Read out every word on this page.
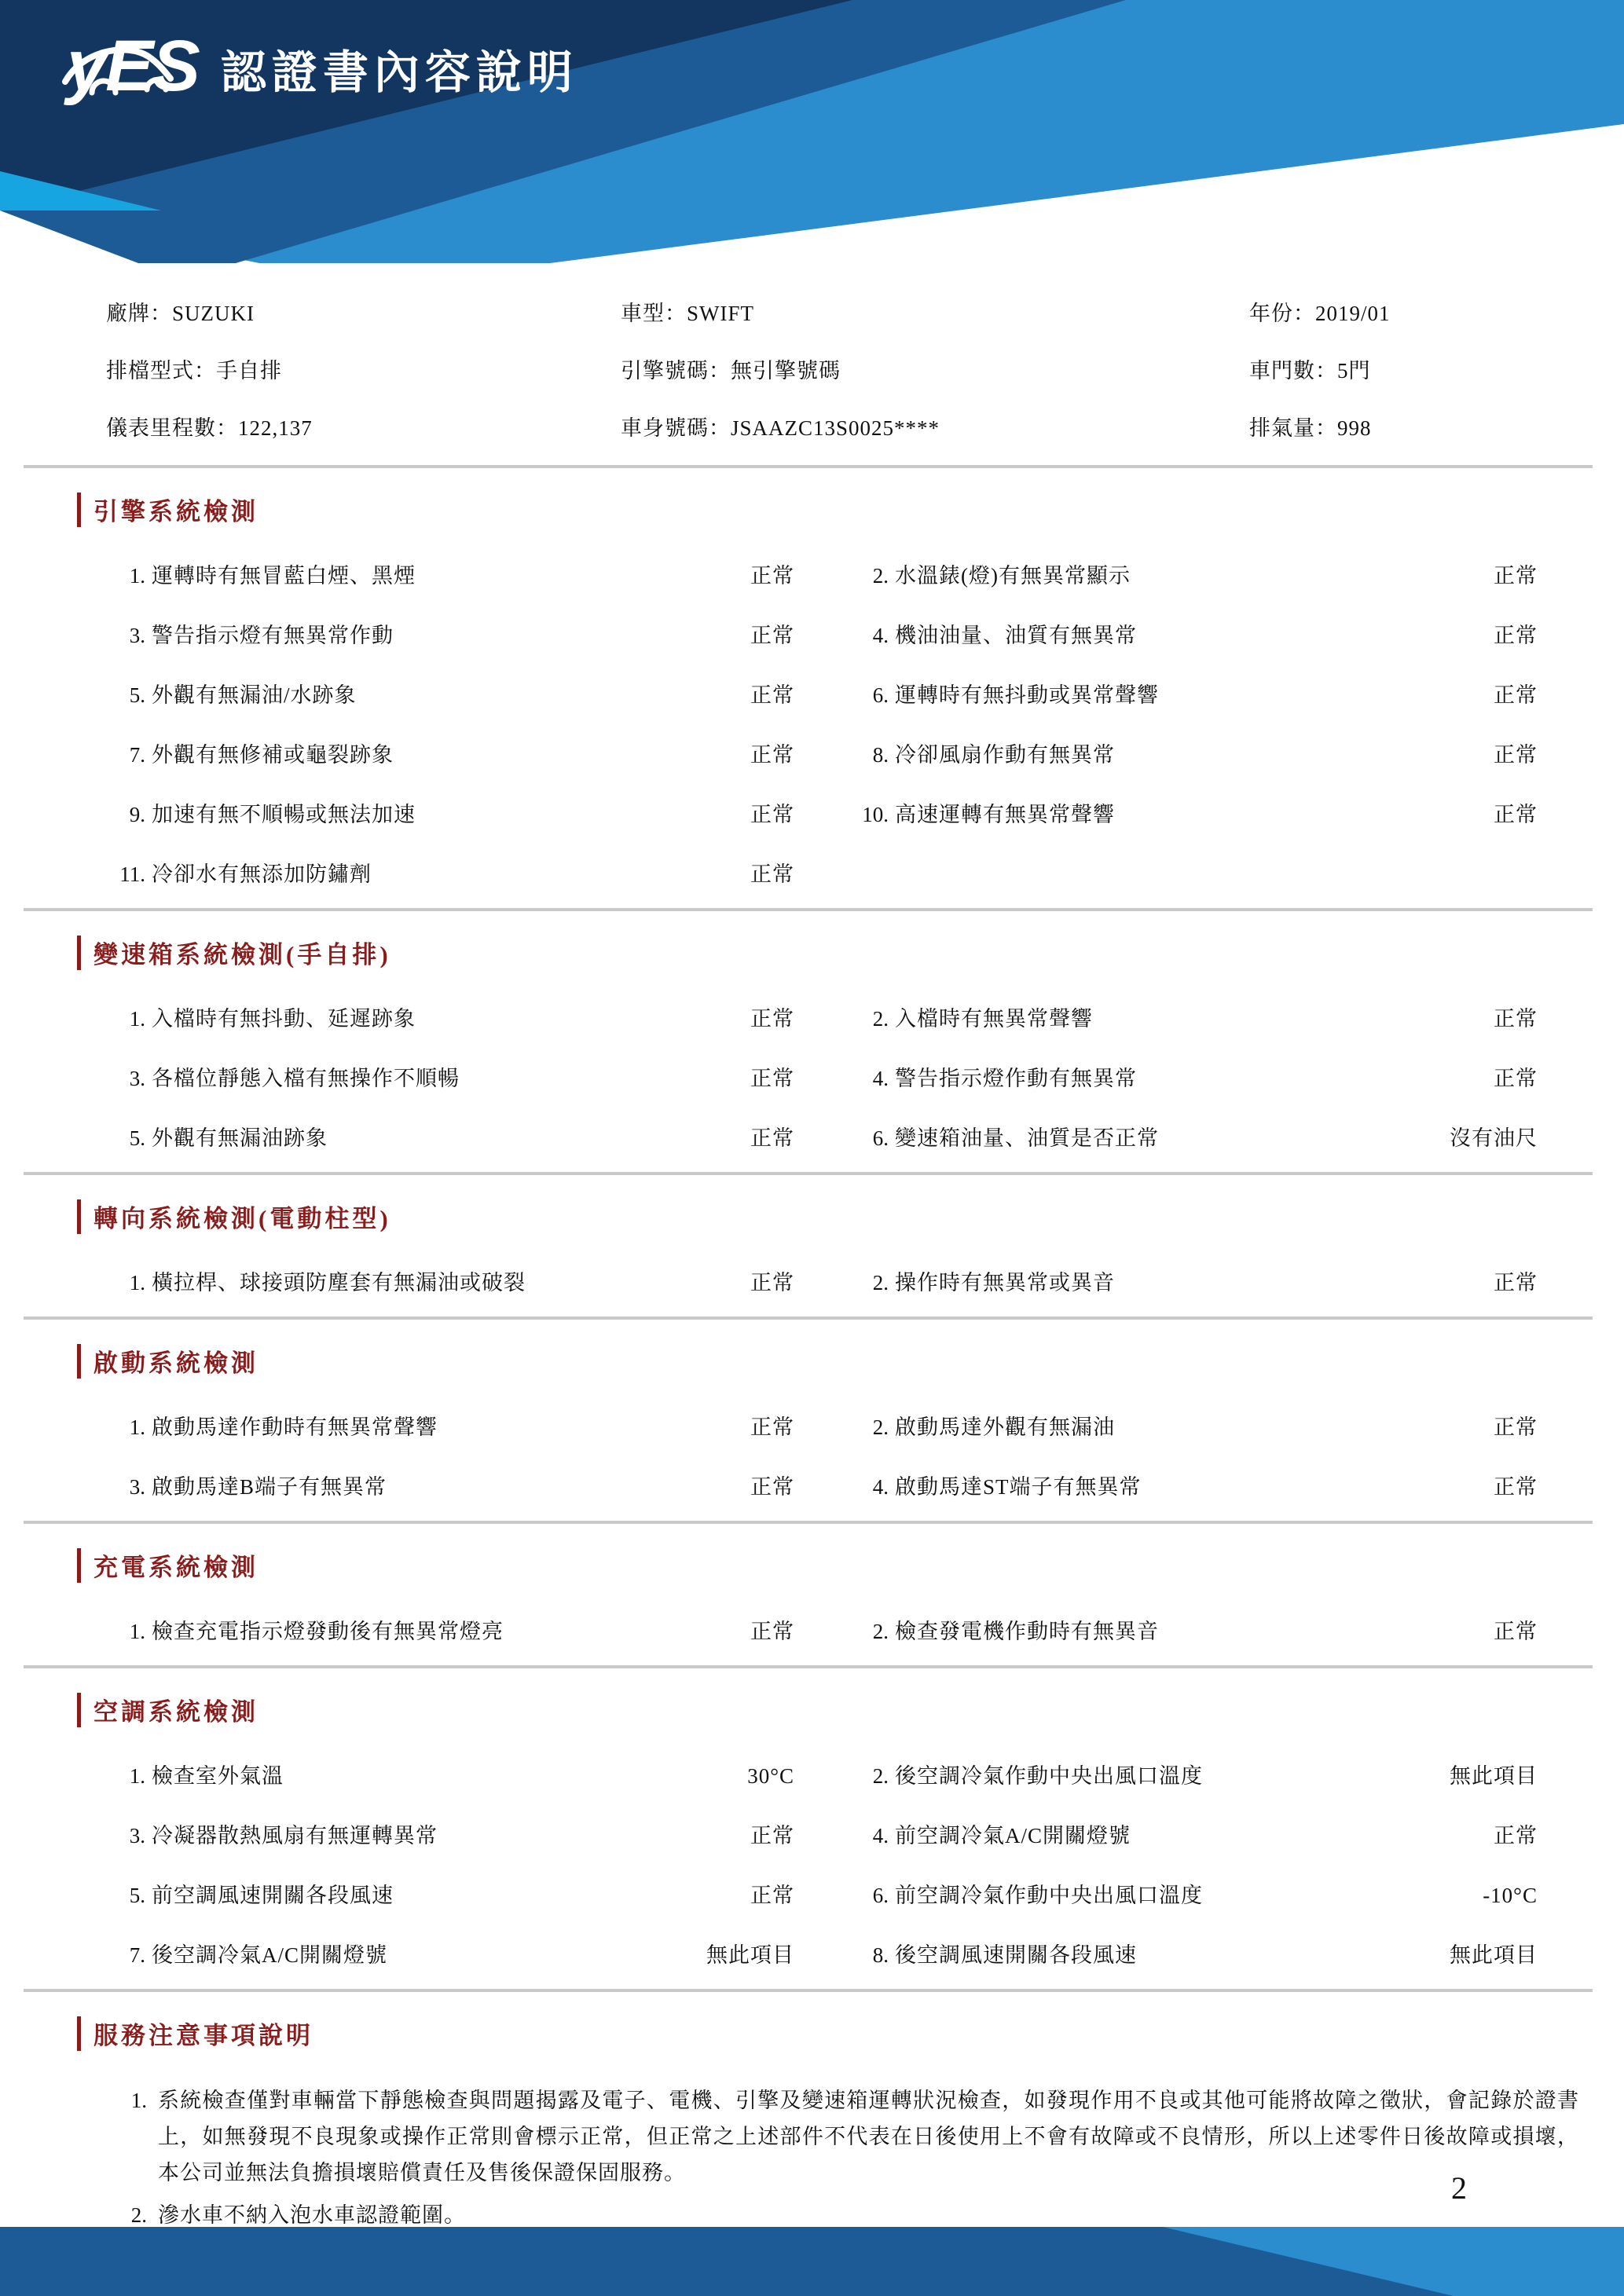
yES 認證書內容說明
廠牌：SUZUKI	車型：SWIFT	年份：2019/01
排檔型式：手自排	引擎號碼：無引擎號碼	車門數：5門
儀表里程數：122,137	車身號碼：JSAAZC13S0025****	排氣量：998
引擎系統檢測
1. 運轉時有無冒藍白煙、黑煙	正常	2. 水溫錶(燈)有無異常顯示	正常
3. 警告指示燈有無異常作動	正常	4. 機油油量、油質有無異常	正常
5. 外觀有無漏油/水跡象	正常	6. 運轉時有無抖動或異常聲響	正常
7. 外觀有無修補或龜裂跡象	正常	8. 冷卻風扇作動有無異常	正常
9. 加速有無不順暢或無法加速	正常	10. 高速運轉有無異常聲響	正常
11. 冷卻水有無添加防鏽劑	正常
變速箱系統檢測(手自排)
1. 入檔時有無抖動、延遲跡象	正常	2. 入檔時有無異常聲響	正常
3. 各檔位靜態入檔有無操作不順暢	正常	4. 警告指示燈作動有無異常	正常
5. 外觀有無漏油跡象	正常	6. 變速箱油量、油質是否正常	沒有油尺
轉向系統檢測(電動柱型)
1. 橫拉桿、球接頭防塵套有無漏油或破裂	正常	2. 操作時有無異常或異音	正常
啟動系統檢測
1. 啟動馬達作動時有無異常聲響	正常	2. 啟動馬達外觀有無漏油	正常
3. 啟動馬達B端子有無異常	正常	4. 啟動馬達ST端子有無異常	正常
充電系統檢測
1. 檢查充電指示燈發動後有無異常燈亮	正常	2. 檢查發電機作動時有無異音	正常
空調系統檢測
1. 檢查室外氣溫	30°C	2. 後空調冷氣作動中央出風口溫度	無此項目
3. 冷凝器散熱風扇有無運轉異常	正常	4. 前空調冷氣A/C開關燈號	正常
5. 前空調風速開關各段風速	正常	6. 前空調冷氣作動中央出風口溫度	-10°C
7. 後空調冷氣A/C開關燈號	無此項目	8. 後空調風速開關各段風速	無此項目
服務注意事項說明
1. 系統檢查僅對車輛當下靜態檢查與問題揭露及電子、電機、引擎及變速箱運轉狀況檢查，如發現作用不良或其他可能將故障之徵狀，會記錄於證書上，如無發現不良現象或操作正常則會標示正常，但正常之上述部件不代表在日後使用上不會有故障或不良情形，所以上述零件日後故障或損壞，本公司並無法負擔損壞賠償責任及售後保證保固服務。

2. 滲水車不納入泡水車認證範圍。

2
